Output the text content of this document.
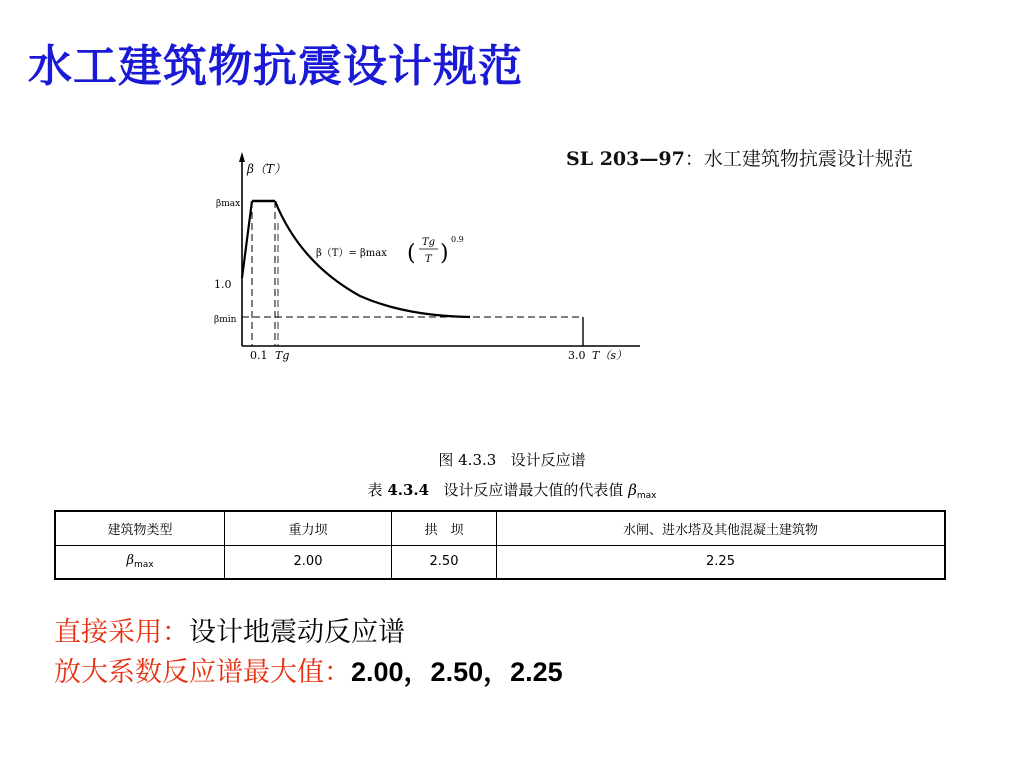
水工建筑物抗震设计规范
SL 203—97：水工建筑物抗震设计规范
β（T）
βmax
1.0
βmin
0.1 Tg	3.0 T（s）
β（T）= βmax ( Tg
T )
0.9
图 4.3.3 设计反应谱
表 4.3.4 设计反应谱最大值的代表值 $\beta_{max}$
建筑物类型	重力坝	拱　坝	水闸、进水塔及其他混凝土建筑物
$\beta_{max}$	2.00	2.50	2.25
直接采用：设计地震动反应谱
放大系数反应谱最大值：2.00，2.50，2.25
